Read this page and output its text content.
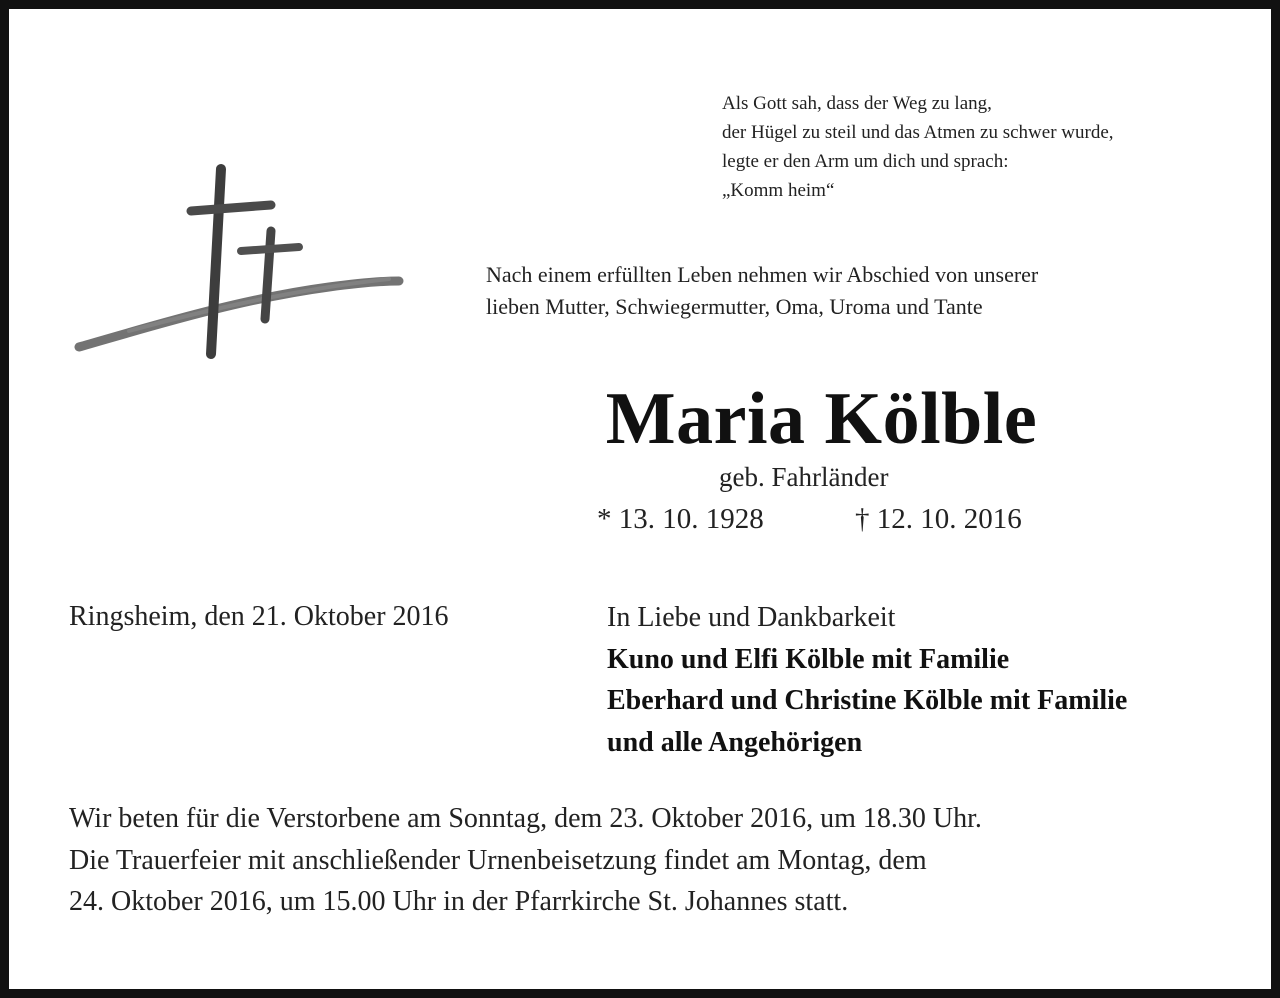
Als Gott sah, dass der Weg zu lang,
der Hügel zu steil und das Atmen zu schwer wurde,
legte er den Arm um dich und sprach:
„Komm heim“
Nach einem erfüllten Leben nehmen wir Abschied von unserer
lieben Mutter, Schwiegermutter, Oma, Uroma und Tante
Maria Kölble
geb. Fahrländer
* 13. 10. 1928	† 12. 10. 2016
Ringsheim, den 21. Oktober 2016	In Liebe und Dankbarkeit
Kuno und Elfi Kölble mit Familie
Eberhard und Christine Kölble mit Familie
und alle Angehörigen
Wir beten für die Verstorbene am Sonntag, dem 23. Oktober 2016, um 18.30 Uhr.
Die Trauerfeier mit anschließender Urnenbeisetzung findet am Montag, dem
24. Oktober 2016, um 15.00 Uhr in der Pfarrkirche St. Johannes statt.
